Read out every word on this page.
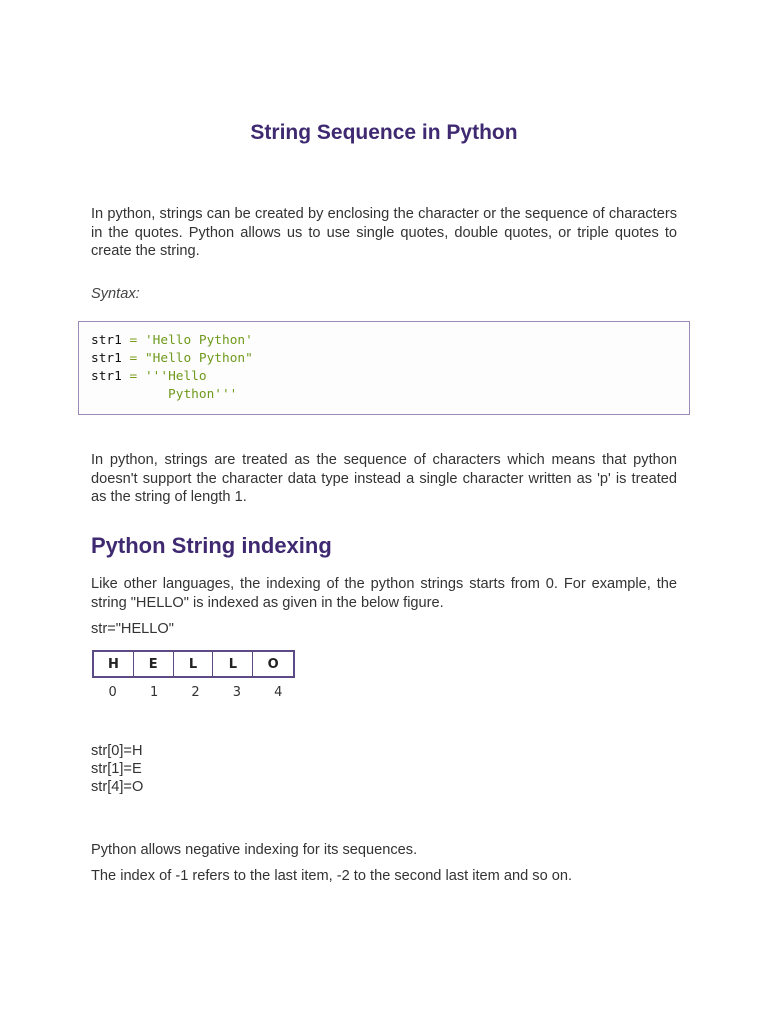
String Sequence in Python
In python, strings can be created by enclosing the character or the sequence of characters in the quotes. Python allows us to use single quotes, double quotes, or triple quotes to create the string.
Syntax:
str1 = 'Hello Python'
str1 = "Hello Python"
str1 = '''Hello
Python'''
In python, strings are treated as the sequence of characters which means that python doesn't support the character data type instead a single character written as 'p' is treated as the string of length 1.
Python String indexing
Like other languages, the indexing of the python strings starts from 0. For example, the string "HELLO" is indexed as given in the below figure.
str="HELLO"
H	E	L	L	O
0	1	2	3	4
str[0]=H
str[1]=E
str[4]=O
Python allows negative indexing for its sequences.
The index of -1 refers to the last item, -2 to the second last item and so on.
